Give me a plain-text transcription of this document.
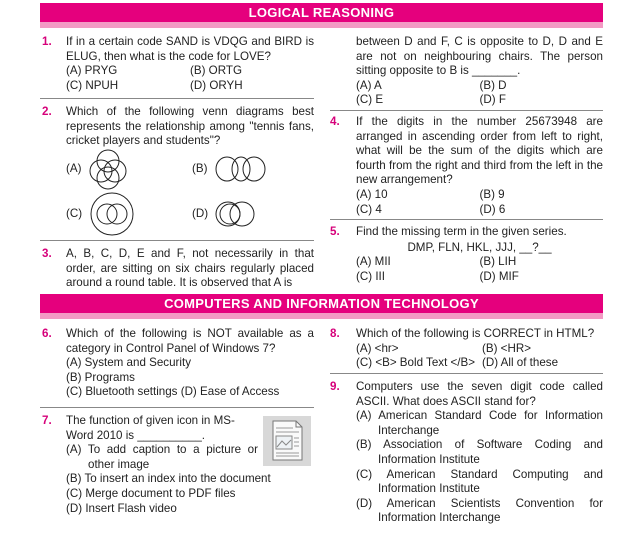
LOGICAL REASONING
1. If in a certain code SAND is VDQG and BIRD is ELUG, then what is the code for LOVE?
(A) PRYG	(B) ORTG
(C) NPUH	(D) ORYH
2. Which of the following venn diagrams best represents the relationship among "tennis fans, cricket players and students"?
(A)	(B)
(C)	(D)
3. A, B, C, D, E and F, not necessarily in that order, are sitting on six chairs regularly placed around a round table. It is observed that A is
between D and F, C is opposite to D, D and E are not on neighbouring chairs. The person sitting opposite to B is _______.
(A) A	(B) D
(C) E	(D) F
4. If the digits in the number 25673948 are arranged in ascending order from left to right, what will be the sum of the digits which are fourth from the right and third from the left in the new arrangement?
(A) 10	(B) 9
(C) 4	(D) 6
5. Find the missing term in the given series.
DMP, FLN, HKL, JJJ, __?__
(A) MII	(B) LIH
(C) III	(D) MIF
COMPUTERS AND INFORMATION TECHNOLOGY
6. Which of the following is NOT available as a category in Control Panel of Windows 7?
(A) System and Security
(B) Programs
(C) Bluetooth settings (D) Ease of Access
7. The function of given icon in MS-Word 2010 is __________.
(A) To add caption to a picture or other image
(B) To insert an index into the document
(C) Merge document to PDF files
(D) Insert Flash video
8. Which of the following is CORRECT in HTML?
(A) <hr>	(B) <HR>
(C) <B> Bold Text </B> (D) All of these
9. Computers use the seven digit code called ASCII. What does ASCII stand for?
(A) American Standard Code for Information Interchange
(B) Association of Software Coding and Information Institute
(C) American Standard Computing and Information Institute
(D) American Scientists Convention for Information Interchange
